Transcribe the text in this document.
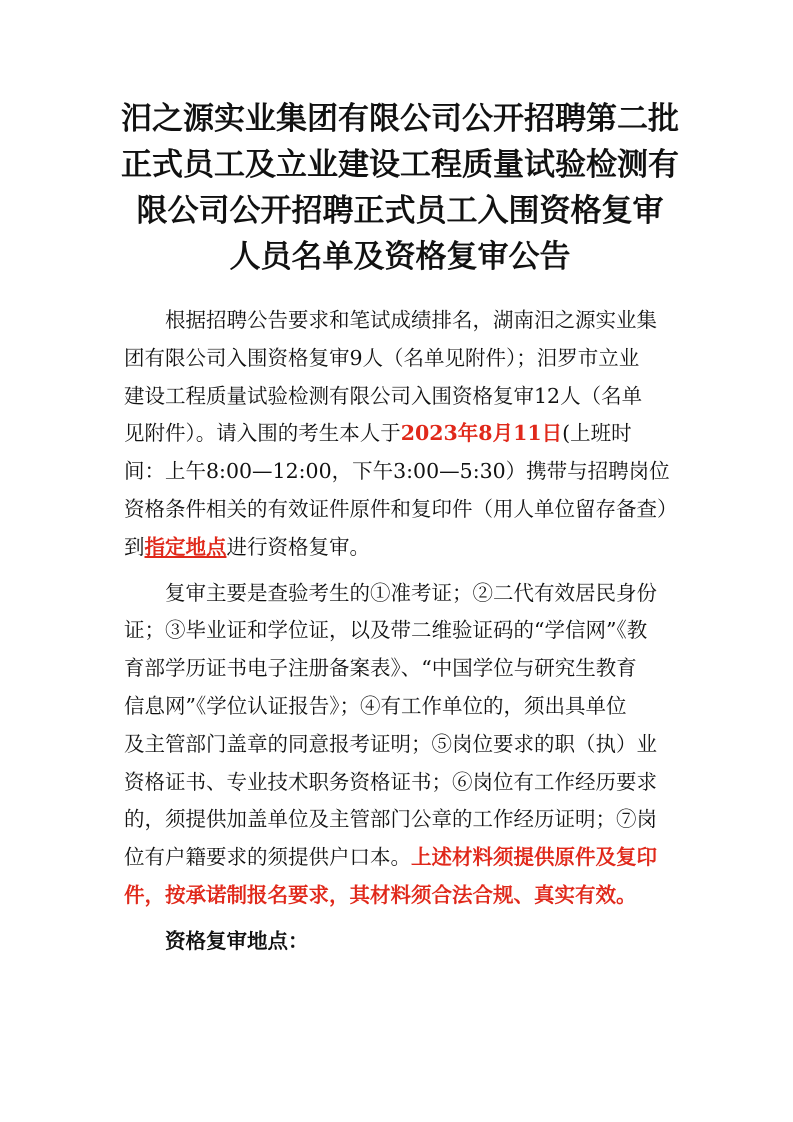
汨之源实业集团有限公司公开招聘第二批
正式员工及立业建设工程质量试验检测有
限公司公开招聘正式员工入围资格复审
人员名单及资格复审公告
根据招聘公告要求和笔试成绩排名，湖南汨之源实业集
团有限公司入围资格复审9人（名单见附件）；汨罗市立业
建设工程质量试验检测有限公司入围资格复审12人（名单
见附件）。请入围的考生本人于2023年8月11日(上班时
间：上午8:00—12:00，下午3:00—5:30）携带与招聘岗位
资格条件相关的有效证件原件和复印件（用人单位留存备查）
到指定地点进行资格复审。
复审主要是查验考生的①准考证；②二代有效居民身份
证；③毕业证和学位证，以及带二维验证码的“学信网”《教
育部学历证书电子注册备案表》、“中国学位与研究生教育
信息网”《学位认证报告》；④有工作单位的，须出具单位
及主管部门盖章的同意报考证明；⑤岗位要求的职（执）业
资格证书、专业技术职务资格证书；⑥岗位有工作经历要求
的，须提供加盖单位及主管部门公章的工作经历证明；⑦岗
位有户籍要求的须提供户口本。上述材料须提供原件及复印
件，按承诺制报名要求，其材料须合法合规、真实有效。
资格复审地点：
